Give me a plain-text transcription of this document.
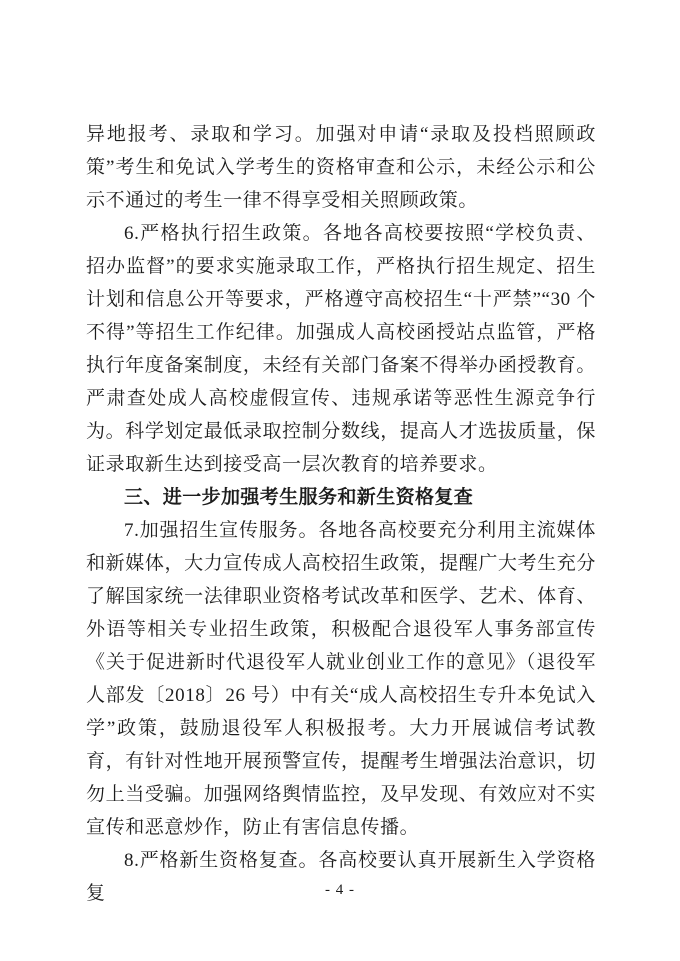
异地报考、录取和学习。加强对申请“录取及投档照顾政策”考生和免试入学考生的资格审查和公示，未经公示和公示不通过的考生一律不得享受相关照顾政策。

6.严格执行招生政策。各地各高校要按照“学校负责、招办监督”的要求实施录取工作，严格执行招生规定、招生计划和信息公开等要求，严格遵守高校招生“十严禁”“30 个不得”等招生工作纪律。加强成人高校函授站点监管，严格执行年度备案制度，未经有关部门备案不得举办函授教育。严肃查处成人高校虚假宣传、违规承诺等恶性生源竞争行为。科学划定最低录取控制分数线，提高人才选拔质量，保证录取新生达到接受高一层次教育的培养要求。

三、进一步加强考生服务和新生资格复查

7.加强招生宣传服务。各地各高校要充分利用主流媒体和新媒体，大力宣传成人高校招生政策，提醒广大考生充分了解国家统一法律职业资格考试改革和医学、艺术、体育、外语等相关专业招生政策，积极配合退役军人事务部宣传《关于促进新时代退役军人就业创业工作的意见》（退役军人部发〔2018〕26 号）中有关“成人高校招生专升本免试入学”政策，鼓励退役军人积极报考。大力开展诚信考试教育，有针对性地开展预警宣传，提醒考生增强法治意识，切勿上当受骗。加强网络舆情监控，及早发现、有效应对不实宣传和恶意炒作，防止有害信息传播。

8.严格新生资格复查。各高校要认真开展新生入学资格复	- 4 -
